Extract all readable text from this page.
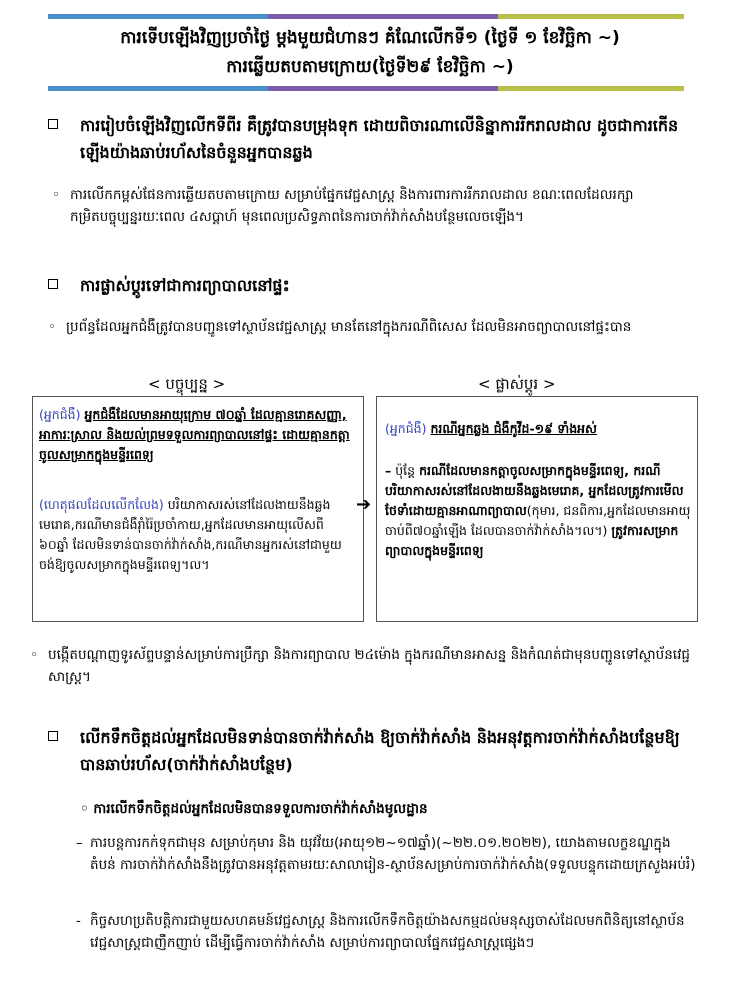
ការទើបឡើងវិញប្រចាំថ្ងៃ ម្ដងមួយជំហានៗ គំណែលើកទី១ (ថ្ងៃទី ១ ខែវិច្ឆិកា ~)
ការឆ្លើយតបតាមក្រោយ(ថ្ងៃទី២៩ ខែវិច្ឆិកា ~)
ការរៀបចំឡើងវិញលើកទីពីរ គឺត្រូវបានបម្រុងទុក ដោយពិចារណាលើនិន្នាការរីករាលដាល ដូចជាការកើនឡើងយ៉ាងឆាប់រហ័សនៃចំនួនអ្នកបានឆ្លង
◦ ការលើកកម្ពស់ផែនការឆ្លើយតបតាមក្រោយ សម្រាប់ផ្នែកវេជ្ជសាស្ត្រ និងការពារការរីករាលដាល ខណៈពេលដែលរក្សាកម្រិតបច្ចុប្បន្នរយៈពេល ៤សប្ដាហ៍ មុនពេលប្រសិទ្ធភាពនៃការចាក់វ៉ាក់សាំងបន្ថែមលេចឡើង។
ការផ្លាស់ប្ដូរទៅជាការព្យាបាលនៅផ្ទះ
◦ ប្រព័ន្ធដែលអ្នកជំងឺត្រូវបានបញ្ជូនទៅស្ថាប័នវេជ្ជសាស្ត្រ មានតែនៅក្នុងករណីពិសេស ដែលមិនអាចព្យាបាលនៅផ្ទះបាន
< បច្ចុប្បន្ន >	< ផ្លាស់ប្ដូរ >
(អ្នកជំងឺ) អ្នកជំងឺដែលមានអាយុក្រោម ៧០ឆ្នាំ ដែលគ្មានរោគសញ្ញា, អាការៈស្រាល និងយល់ព្រមទទួលការព្យាបាលនៅផ្ទះ ដោយគ្មានកត្តាចូលសម្រាកក្នុងមន្ទីរពេទ្យ
(ហេតុផលដែលលើកលែង) បរិយាកាសរស់នៅដែលងាយនឹងឆ្លងមេរោគ,ករណីមានជំងឺរ៉ាំរ៉ៃប្រចាំកាយ,អ្នកដែលមានអាយុលើសពី ៦០ឆ្នាំ ដែលមិនទាន់បានចាក់វ៉ាក់សាំង,ករណីមានអ្នករស់នៅជាមួយ ចង់ឱ្យចូលសម្រាកក្នុងមន្ទីរពេទ្យ។ល។
➔
(អ្នកជំងឺ) ករណីអ្នកឆ្លង ជំងឺកូវីដ-១៩ ទាំងអស់
– ប៉ុន្តែ ករណីដែលមានកត្តាចូលសម្រាកក្នុងមន្ទីរពេទ្យ, ករណីបរិយាកាសរស់នៅដែលងាយនឹងឆ្លងមេរោគ, អ្នកដែលត្រូវការមើលថែទាំដោយគ្មានអាណាព្យាបាល(កុមារ, ជនពិការ,អ្នកដែលមានអាយុចាប់ពី៧០ឆ្នាំឡើង ដែលបានចាក់វ៉ាក់សាំង។ល។) ត្រូវការសម្រាកព្យាបាលក្នុងមន្ទីរពេទ្យ
◦ បង្កើតបណ្ដាញទូរស័ព្ទបន្ទាន់សម្រាប់ការប្រឹក្សា និងការព្យាបាល ២៤ម៉ោង ក្នុងករណីមានអាសន្ន និងកំណត់ជាមុនបញ្ជូនទៅស្ថាប័នវេជ្ជសាស្ត្រ។
លើកទឹកចិត្តដល់អ្នកដែលមិនទាន់បានចាក់វ៉ាក់សាំង ឱ្យចាក់វ៉ាក់សាំង និងអនុវត្តការចាក់វ៉ាក់សាំងបន្ថែមឱ្យបានឆាប់រហ័ស(ចាក់វ៉ាក់សាំងបន្ថែម)
◦ ការលើកទឹកចិត្តដល់អ្នកដែលមិនបានទទួលការចាក់វ៉ាក់សាំងមូលដ្ឋាន
– ការបន្តការកក់ទុកជាមុន សម្រាប់កុមារ និង យុវវ័យ(អាយុ១២~១៧ឆ្នាំ)(~២២.០១.២០២២), យោងតាមលក្ខខណ្ឌក្នុងតំបន់ ការចាក់វ៉ាក់សាំងនឹងត្រូវបានអនុវត្តតាមរយៈសាលារៀន-ស្ថាប័នសម្រាប់ការចាក់វ៉ាក់សាំង(ទទួលបន្ទុកដោយក្រសួងអប់រំ)
- កិច្ចសហប្រតិបត្តិការជាមួយសហគមន៍វេជ្ជសាស្ត្រ និងការលើកទឹកចិត្តយ៉ាងសកម្មដល់មនុស្សចាស់ដែលមកពិនិត្យនៅស្ថាប័នវេជ្ជសាស្ត្រជាញឹកញាប់ ដើម្បីធ្វើការចាក់វ៉ាក់សាំង សម្រាប់ការព្យាបាលផ្នែកវេជ្ជសាស្ត្រផ្សេងៗ
